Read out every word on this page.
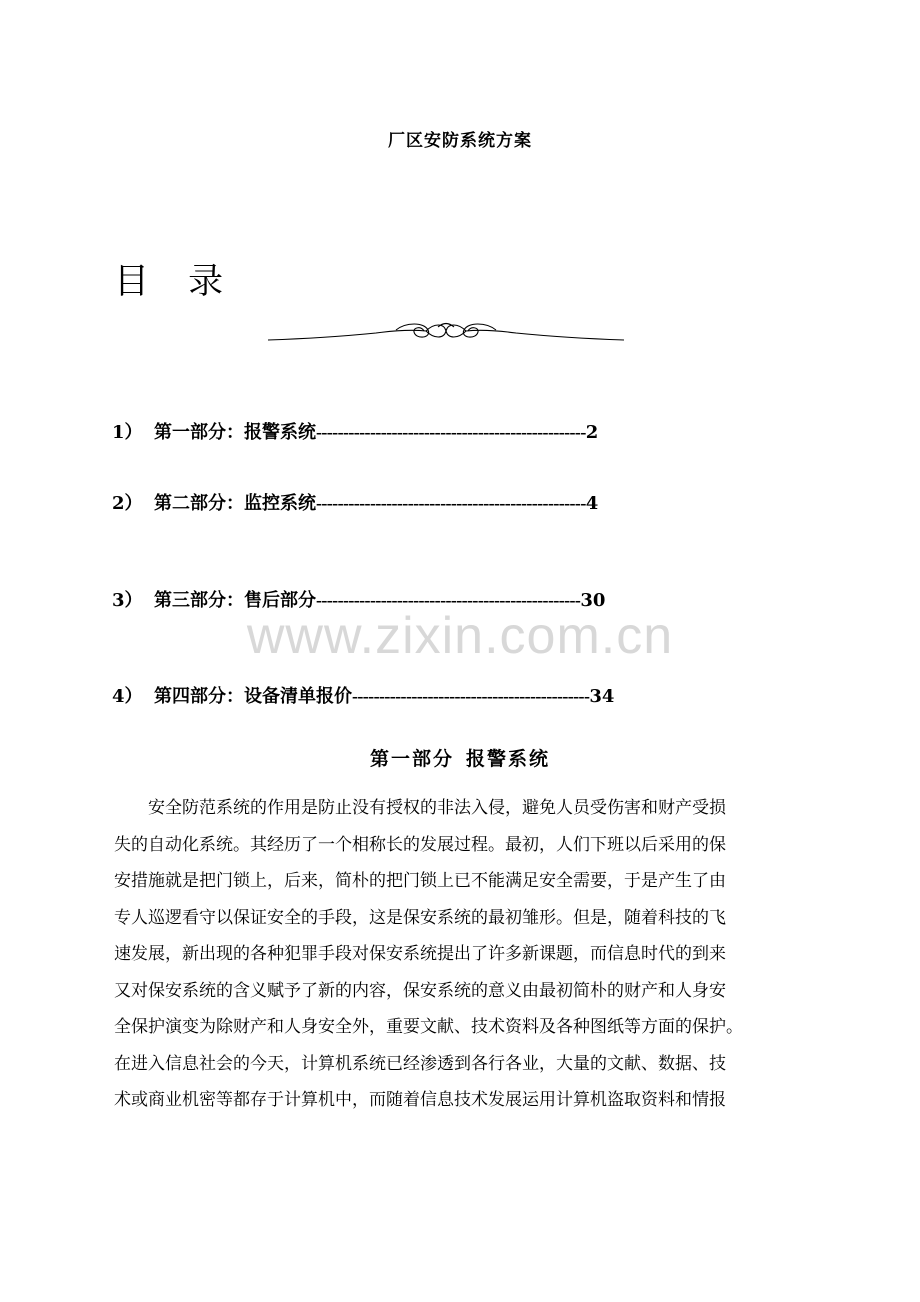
厂区安防系统方案
目 录
1） 第一部分：报警系统--------------------------------------------------2
2） 第二部分：监控系统--------------------------------------------------4
3） 第三部分：售后部分-------------------------------------------------30
www.zixin.com.cn
4） 第四部分：设备清单报价--------------------------------------------34
第一部分 报警系统
安全防范系统的作用是防止没有授权的非法入侵，避免人员受伤害和财产受损
失的自动化系统。其经历了一个相称长的发展过程。最初，人们下班以后采用的保
安措施就是把门锁上，后来，简朴的把门锁上已不能满足安全需要，于是产生了由
专人巡逻看守以保证安全的手段，这是保安系统的最初雏形。但是，随着科技的飞
速发展，新出现的各种犯罪手段对保安系统提出了许多新课题，而信息时代的到来
又对保安系统的含义赋予了新的内容，保安系统的意义由最初简朴的财产和人身安
全保护演变为除财产和人身安全外，重要文献、技术资料及各种图纸等方面的保护。
在进入信息社会的今天，计算机系统已经渗透到各行各业，大量的文献、数据、技
术或商业机密等都存于计算机中，而随着信息技术发展运用计算机盗取资料和情报
